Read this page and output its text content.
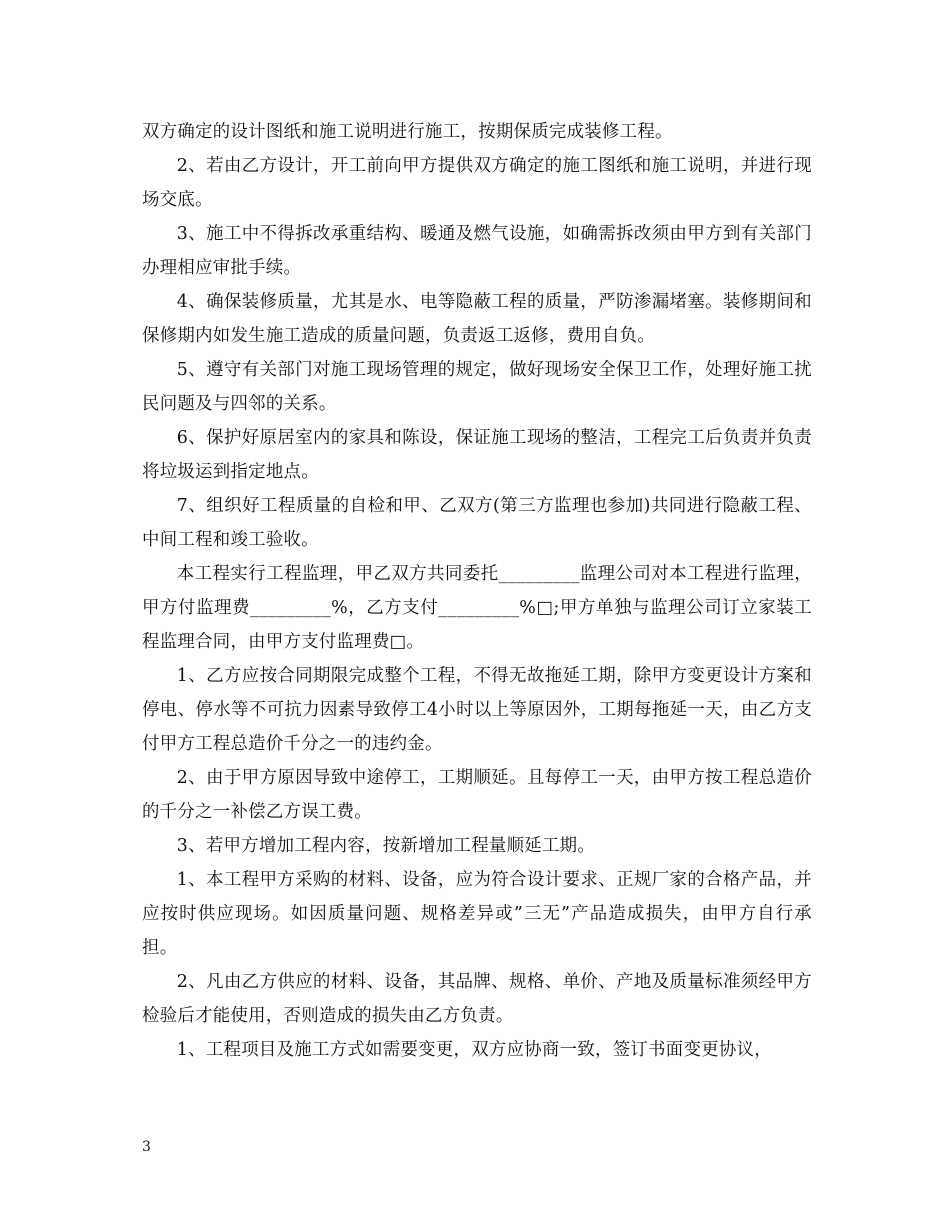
双方确定的设计图纸和施工说明进行施工，按期保质完成装修工程。

2、若由乙方设计，开工前向甲方提供双方确定的施工图纸和施工说明，并进行现场交底。

3、施工中不得拆改承重结构、暖通及燃气设施，如确需拆改须由甲方到有关部门办理相应审批手续。

4、确保装修质量，尤其是水、电等隐蔽工程的质量，严防渗漏堵塞。装修期间和保修期内如发生施工造成的质量问题，负责返工返修，费用自负。

5、遵守有关部门对施工现场管理的规定，做好现场安全保卫工作，处理好施工扰民问题及与四邻的关系。

6、保护好原居室内的家具和陈设，保证施工现场的整洁，工程完工后负责并负责将垃圾运到指定地点。

7、组织好工程质量的自检和甲、乙双方(第三方监理也参加)共同进行隐蔽工程、中间工程和竣工验收。

本工程实行工程监理，甲乙双方共同委托_________监理公司对本工程进行监理，甲方付监理费_________%，乙方支付_________%□;甲方单独与监理公司订立家装工程监理合同，由甲方支付监理费□。

1、乙方应按合同期限完成整个工程，不得无故拖延工期，除甲方变更设计方案和停电、停水等不可抗力因素导致停工4小时以上等原因外，工期每拖延一天，由乙方支付甲方工程总造价千分之一的违约金。

2、由于甲方原因导致中途停工，工期顺延。且每停工一天，由甲方按工程总造价的千分之一补偿乙方误工费。

3、若甲方增加工程内容，按新增加工程量顺延工期。

1、本工程甲方采购的材料、设备，应为符合设计要求、正规厂家的合格产品，并应按时供应现场。如因质量问题、规格差异或”三无”产品造成损失，由甲方自行承担。

2、凡由乙方供应的材料、设备，其品牌、规格、单价、产地及质量标准须经甲方检验后才能使用，否则造成的损失由乙方负责。

1、工程项目及施工方式如需要变更，双方应协商一致，签订书面变更协议，

3
